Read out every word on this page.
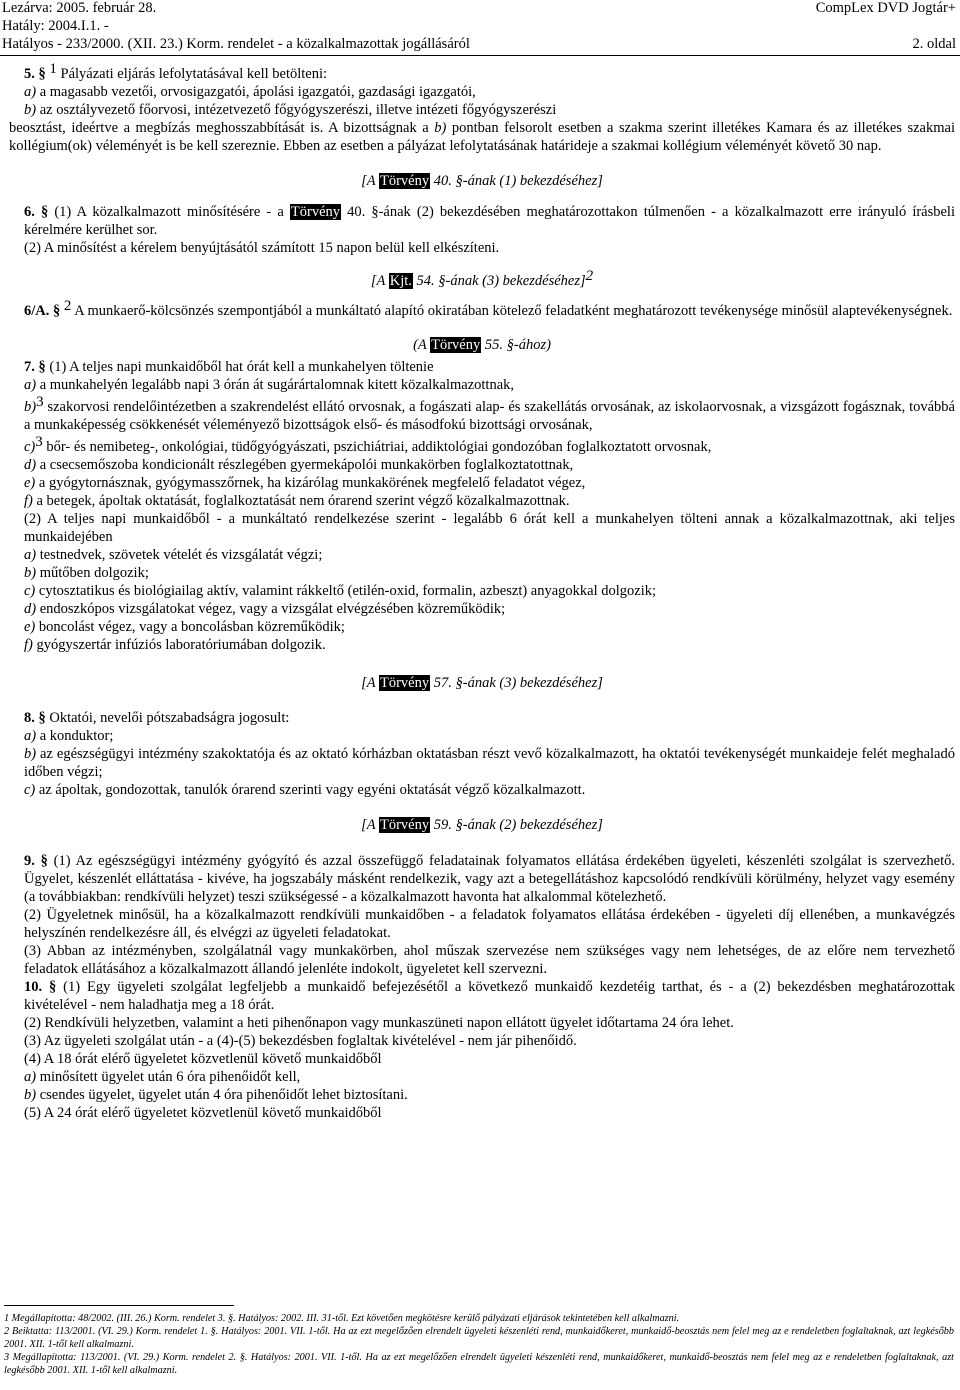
Lezárva: 2005. február 28.	CompLex DVD Jogtár+
Hatály: 2004.I.1. -
Hatályos - 233/2000. (XII. 23.) Korm. rendelet - a közalkalmazottak jogállásáról	2. oldal

5. § 1 Pályázati eljárás lefolytatásával kell betölteni:

a) a magasabb vezetői, orvosigazgatói, ápolási igazgatói, gazdasági igazgatói,

b) az osztályvezető főorvosi, intézetvezető főgyógyszerészi, illetve intézeti főgyógyszerészi

beosztást, ideértve a megbízás meghosszabbítását is. A bizottságnak a b) pontban felsorolt esetben a szakma szerint illetékes Kamara és az illetékes szakmai kollégium(ok) véleményét is be kell szereznie. Ebben az esetben a pályázat lefolytatásának határideje a szakmai kollégium véleményét követő 30 nap.

[A Törvény 40. §-ának (1) bekezdéséhez]

6. § (1) A közalkalmazott minősítésére - a Törvény 40. §-ának (2) bekezdésében meghatározottakon túlmenően - a közalkalmazott erre irányuló írásbeli kérelmére kerülhet sor.

(2) A minősítést a kérelem benyújtásától számított 15 napon belül kell elkészíteni.

[A Kjt. 54. §-ának (3) bekezdéséhez]2

6/A. § 2 A munkaerő-kölcsönzés szempontjából a munkáltató alapító okiratában kötelező feladatként meghatározott tevékenysége minősül alaptevékenységnek.

(A Törvény 55. §-ához)

7. § (1) A teljes napi munkaidőből hat órát kell a munkahelyen tölteniе

a) a munkahelyén legalább napi 3 órán át sugárártalomnak kitett közalkalmazottnak,

b)3 szakorvosi rendelőintézetben a szakrendelést ellátó orvosnak, a fogászati alap- és szakellátás orvosának, az iskolaorvosnak, a vizsgázott fogásznak, továbbá a munkaképesség csökkenését véleményező bizottságok első- és másodfokú bizottsági orvosának,

c)3 bőr- és nemibeteg-, onkológiai, tüdőgyógyászati, pszichiátriai, addiktológiai gondozóban foglalkoztatott orvosnak,

d) a csecsemőszoba kondicionált részlegében gyermekápolói munkakörben foglalkoztatottnak,

e) a gyógytornásznak, gyógymasszőrnek, ha kizárólag munkakörének megfelelő feladatot végez,

f) a betegek, ápoltak oktatását, foglalkoztatását nem órarend szerint végző közalkalmazottnak.

(2) A teljes napi munkaidőből - a munkáltató rendelkezése szerint - legalább 6 órát kell a munkahelyen tölteni annak a közalkalmazottnak, aki teljes munkaidejében

a) testnedvek, szövetek vételét és vizsgálatát végzi;

b) műtőben dolgozik;

c) cytosztatikus és biológiailag aktív, valamint rákkeltő (etilén-oxid, formalin, azbeszt) anyagokkal dolgozik;

d) endoszkópos vizsgálatokat végez, vagy a vizsgálat elvégzésében közreműködik;

e) boncolást végez, vagy a boncolásban közreműködik;

f) gyógyszertár infúziós laboratóriumában dolgozik.

[A Törvény 57. §-ának (3) bekezdéséhez]

8. § Oktatói, nevelői pótszabadságra jogosult:

a) a konduktor;

b) az egészségügyi intézmény szakoktatója és az oktató kórházban oktatásban részt vevő közalkalmazott, ha oktatói tevékenységét munkaideje felét meghaladó időben végzi;

c) az ápoltak, gondozottak, tanulók órarend szerinti vagy egyéni oktatását végző közalkalmazott.

[A Törvény 59. §-ának (2) bekezdéséhez]

9. § (1) Az egészségügyi intézmény gyógyító és azzal összefüggő feladatainak folyamatos ellátása érdekében ügyeleti, készenléti szolgálat is szervezhető. Ügyelet, készenlét elláttatása - kivéve, ha jogszabály másként rendelkezik, vagy azt a betegellátáshoz kapcsolódó rendkívüli körülmény, helyzet vagy esemény (a továbbiakban: rendkívüli helyzet) teszi szükségessé - a közalkalmazott havonta hat alkalommal kötelezhető.

(2) Ügyeletnek minősül, ha a közalkalmazott rendkívüli munkaidőben - a feladatok folyamatos ellátása érdekében - ügyeleti díj ellenében, a munkavégzés helyszínén rendelkezésre áll, és elvégzi az ügyeleti feladatokat.

(3) Abban az intézményben, szolgálatnál vagy munkakörben, ahol műszak szervezése nem szükséges vagy nem lehetséges, de az előre nem tervezhető feladatok ellátásához a közalkalmazott állandó jelenléte indokolt, ügyeletet kell szervezni.

10. § (1) Egy ügyeleti szolgálat legfeljebb a munkaidő befejezésétől a következő munkaidő kezdetéig tarthat, és - a (2) bekezdésben meghatározottak kivételével - nem haladhatja meg a 18 órát.

(2) Rendkívüli helyzetben, valamint a heti pihenőnapon vagy munkaszüneti napon ellátott ügyelet időtartama 24 óra lehet.

(3) Az ügyeleti szolgálat után - a (4)-(5) bekezdésben foglaltak kivételével - nem jár pihenőidő.

(4) A 18 órát elérő ügyeletet közvetlenül követő munkaidőből

a) minősített ügyelet után 6 óra pihenőidőt kell,

b) csendes ügyelet, ügyelet után 4 óra pihenőidőt lehet biztosítani.

(5) A 24 órát elérő ügyeletet közvetlenül követő munkaidőből

1 Megállapította: 48/2002. (III. 26.) Korm. rendelet 3. §. Hatályos: 2002. III. 31-től. Ezt követően megkötésre kerülő pályázati eljárások tekintetében kell alkalmazni.

2 Beiktatta: 113/2001. (VI. 29.) Korm. rendelet 1. §. Hatályos: 2001. VII. 1-től. Ha az ezt megelőzően elrendelt ügyeleti készenléti rend, munkaidőkeret, munkaidő-beosztás nem felel meg az e rendeletben foglaltaknak, azt legkésőbb 2001. XII. 1-től kell alkalmazni.

3 Megállapította: 113/2001. (VI. 29.) Korm. rendelet 2. §. Hatályos: 2001. VII. 1-től. Ha az ezt megelőzően elrendelt ügyeleti készenléti rend, munkaidőkeret, munkaidő-beosztás nem felel meg az e rendeletben foglaltaknak, azt legkésőbb 2001. XII. 1-től kell alkalmazni.
